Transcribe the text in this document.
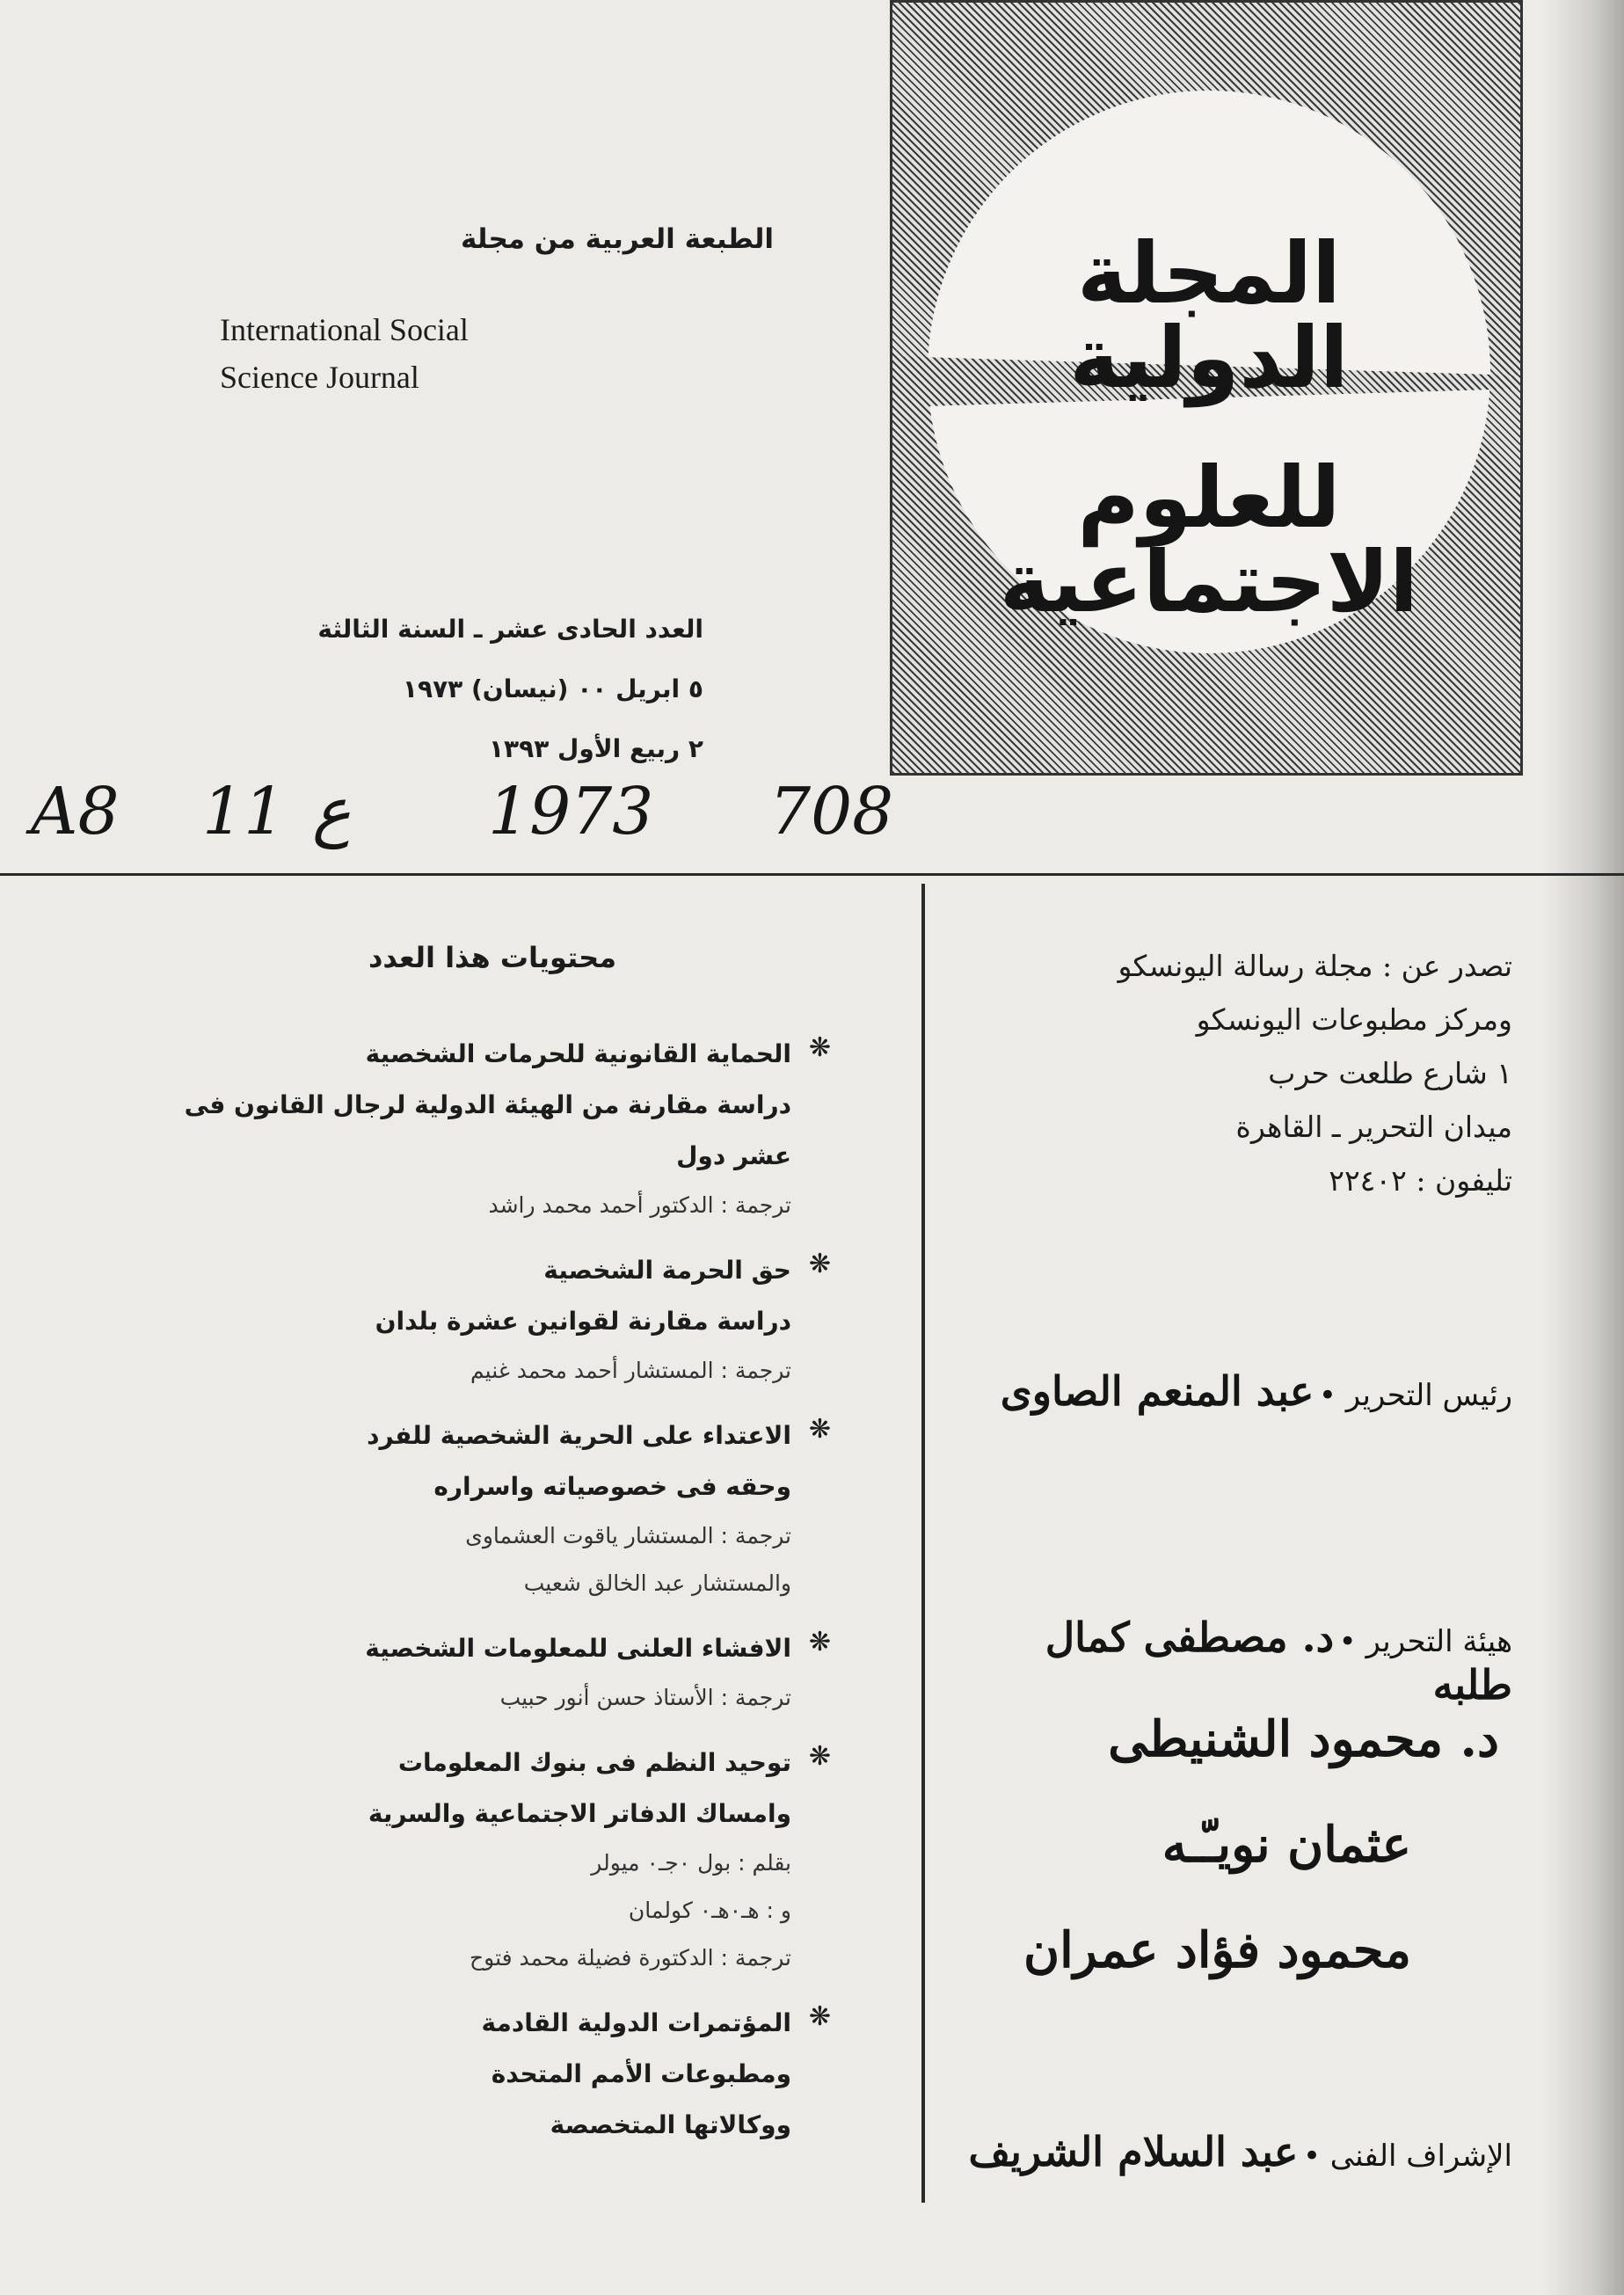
المجلة الدولية
للعلوم الاجتماعية
الطبعة العربية من مجلة
International Social
Science Journal
العدد الحادى عشر ـ السنة الثالثة
٥ ابريل ٠٠ (نيسان) ١٩٧٣
٢ ربيع الأول ١٣٩٣
A8 11 ع 1973 708
محتويات هذا العدد
❋
الحماية القانونية للحرمات الشخصية
دراسة مقارنة من الهيئة الدولية لرجال القانون فى
عشر دول
ترجمة : الدكتور أحمد محمد راشد
❋
حق الحرمة الشخصية
دراسة مقارنة لقوانين عشرة بلدان
ترجمة : المستشار أحمد محمد غنيم
❋
الاعتداء على الحرية الشخصية للفرد
وحقه فى خصوصياته واسراره
ترجمة : المستشار ياقوت العشماوى
والمستشار عبد الخالق شعيب
❋
الافشاء العلنى للمعلومات الشخصية
ترجمة : الأستاذ حسن أنور حبيب
❋
توحيد النظم فى بنوك المعلومات
وامساك الدفاتر الاجتماعية والسرية
بقلم : بول ٠جـ٠ ميولر
و : هـ٠هـ٠ كولمان
ترجمة : الدكتورة فضيلة محمد فتوح
❋
المؤتمرات الدولية القادمة
ومطبوعات الأمم المتحدة
ووكالاتها المتخصصة
تصدر عن : مجلة رسالة اليونسكو
ومركز مطبوعات اليونسكو
١ شارع طلعت حرب
ميدان التحرير ـ القاهرة
تليفون : ٢٢٤٠٢
رئيس التحرير • عبد المنعم الصاوى
هيئة التحرير • د. مصطفى كمال طلبه
د. محمود الشنيطى
عثمان نويـّـه
محمود فؤاد عمران
الإشراف الفنى • عبد السلام الشريف
